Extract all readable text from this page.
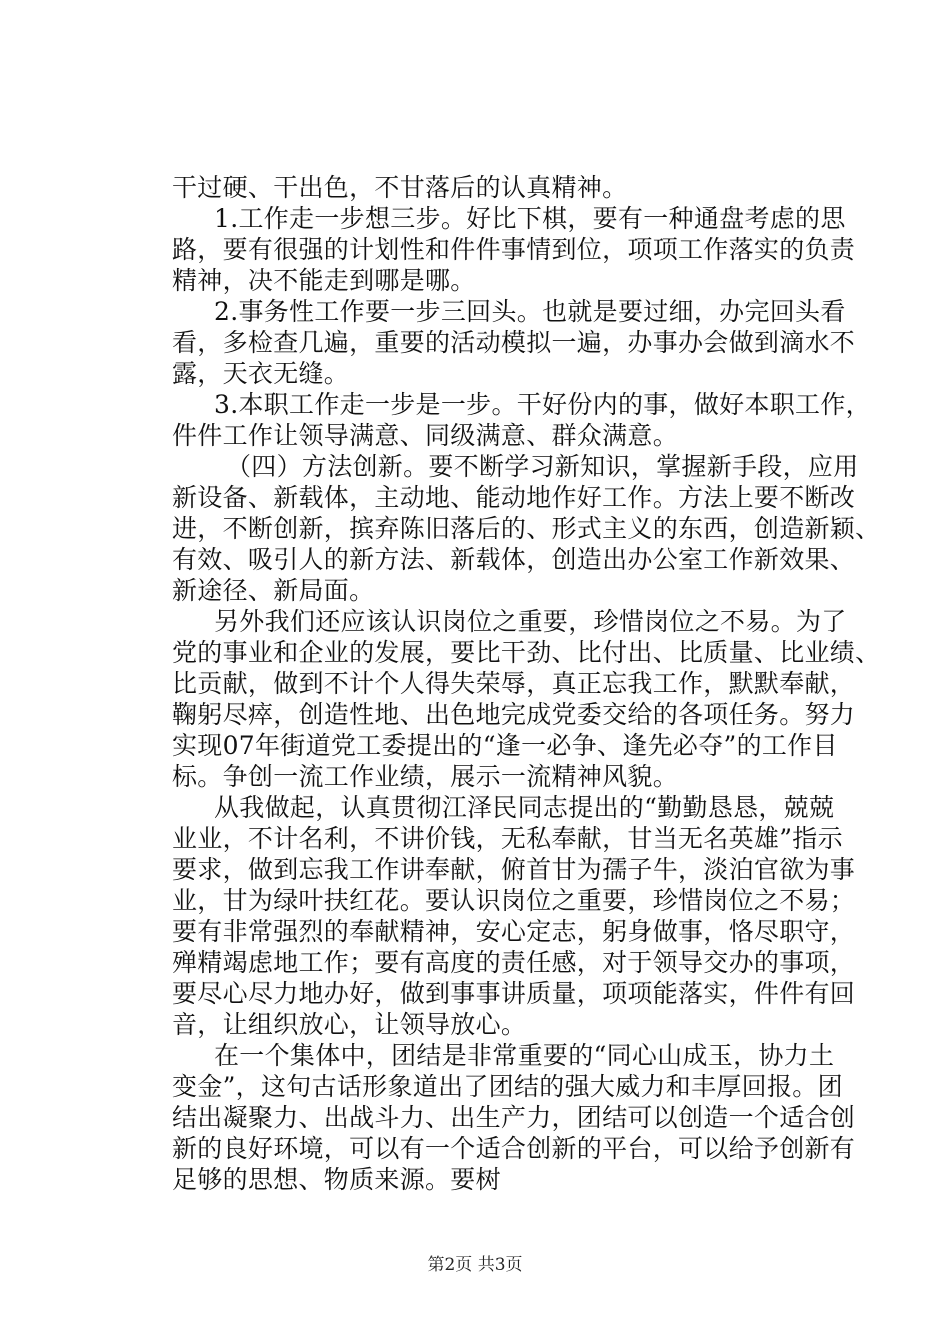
干过硬、干出色，不甘落后的认真精神。
1.工作走一步想三步。好比下棋，要有一种通盘考虑的思
路，要有很强的计划性和件件事情到位，项项工作落实的负责
精神，决不能走到哪是哪。
2.事务性工作要一步三回头。也就是要过细，办完回头看
看，多检查几遍，重要的活动模拟一遍，办事办会做到滴水不
露，天衣无缝。
3.本职工作走一步是一步。干好份内的事，做好本职工作，
件件工作让领导满意、同级满意、群众满意。
（四）方法创新。要不断学习新知识，掌握新手段，应用
新设备、新载体，主动地、能动地作好工作。方法上要不断改
进，不断创新，摈弃陈旧落后的、形式主义的东西，创造新颖、
有效、吸引人的新方法、新载体，创造出办公室工作新效果、
新途径、新局面。
另外我们还应该认识岗位之重要，珍惜岗位之不易。为了
党的事业和企业的发展，要比干劲、比付出、比质量、比业绩、
比贡献，做到不计个人得失荣辱，真正忘我工作，默默奉献，
鞠躬尽瘁，创造性地、出色地完成党委交给的各项任务。努力
实现07年街道党工委提出的“逢一必争、逢先必夺”的工作目
标。争创一流工作业绩，展示一流精神风貌。
从我做起，认真贯彻江泽民同志提出的“勤勤恳恳，兢兢
业业，不计名利，不讲价钱，无私奉献，甘当无名英雄”指示
要求，做到忘我工作讲奉献，俯首甘为孺子牛，淡泊官欲为事
业，甘为绿叶扶红花。要认识岗位之重要，珍惜岗位之不易；
要有非常强烈的奉献精神，安心定志，躬身做事，恪尽职守，
殚精竭虑地工作；要有高度的责任感，对于领导交办的事项，
要尽心尽力地办好，做到事事讲质量，项项能落实，件件有回
音，让组织放心，让领导放心。
在一个集体中，团结是非常重要的“同心山成玉，协力土
变金”，这句古话形象道出了团结的强大威力和丰厚回报。团
结出凝聚力、出战斗力、出生产力，团结可以创造一个适合创
新的良好环境，可以有一个适合创新的平台，可以给予创新有
足够的思想、物质来源。要树
第2页 共3页
